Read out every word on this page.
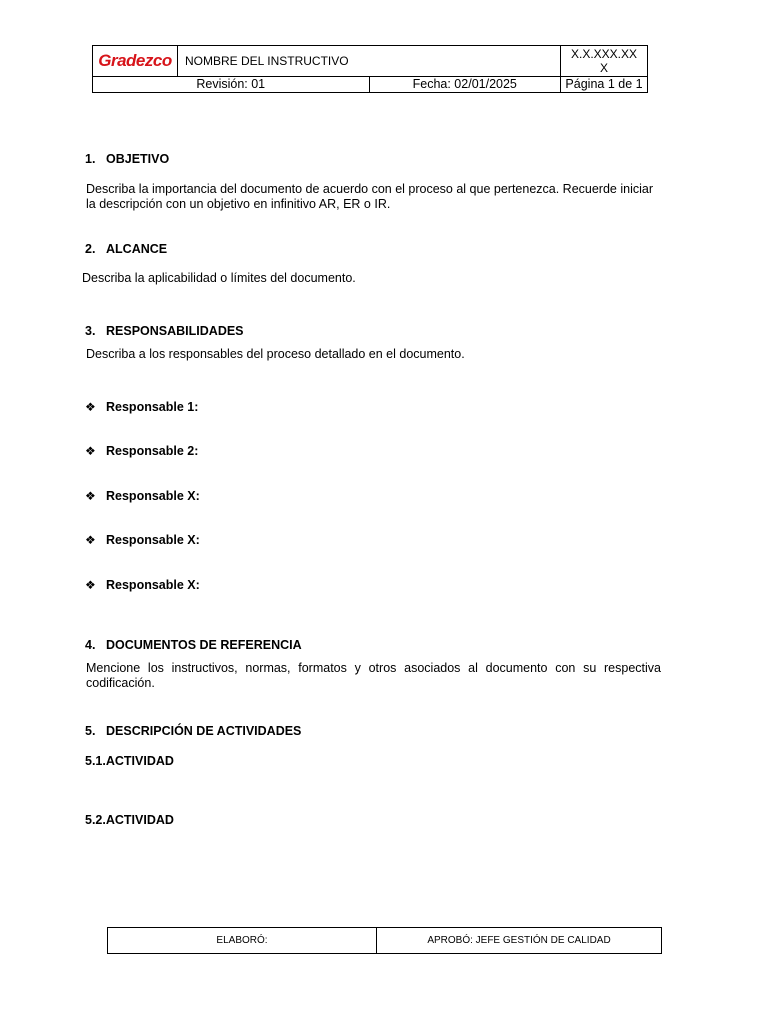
Gradezco	NOMBRE DEL INSTRUCTIVO		X.X.XXX.XX
X

Revisión: 01		Fecha: 02/01/2025	Página 1 de 1
1. OBJETIVO
Describa la importancia del documento de acuerdo con el proceso al que pertenezca. Recuerde iniciar la descripción con un objetivo en infinitivo AR, ER o IR.
2. ALCANCE
Describa la aplicabilidad o límites del documento.
3. RESPONSABILIDADES
Describa a los responsables del proceso detallado en el documento.
❖ Responsable 1:
❖ Responsable 2:
❖ Responsable X:
❖ Responsable X:
❖ Responsable X:
4. DOCUMENTOS DE REFERENCIA
Mencione los instructivos, normas, formatos y otros asociados al documento con su respectiva codificación.
5. DESCRIPCIÓN DE ACTIVIDADES
5.1.ACTIVIDAD
5.2.ACTIVIDAD
ELABORÓ:	APROBÓ: JEFE GESTIÓN DE CALIDAD
